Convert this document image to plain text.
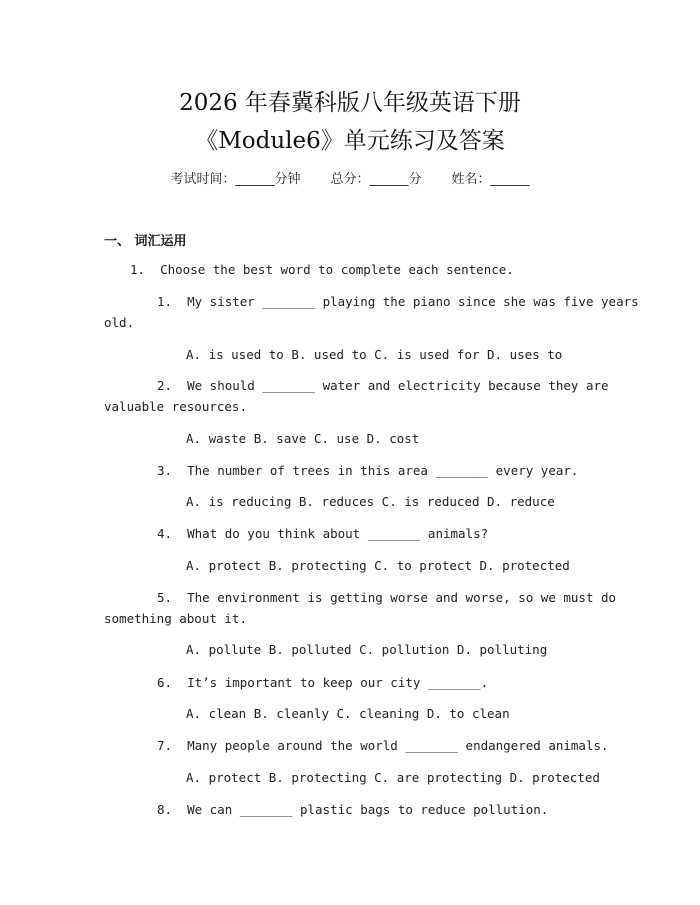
2026 年春冀科版八年级英语下册
《Module6》单元练习及答案
考试时间：______分钟 总分：______分 姓名：______
一、 词汇运用
1.  Choose the best word to complete each sentence.
1.  My sister _______ playing the piano since she was five years
old.
A. is used to B. used to C. is used for D. uses to
2.  We should _______ water and electricity because they are
valuable resources.
A. waste B. save C. use D. cost
3.  The number of trees in this area _______ every year.
A. is reducing B. reduces C. is reduced D. reduce
4.  What do you think about _______ animals?
A. protect B. protecting C. to protect D. protected
5.  The environment is getting worse and worse, so we must do
something about it.
A. pollute B. polluted C. pollution D. polluting
6.  It’s important to keep our city _______.
A. clean B. cleanly C. cleaning D. to clean
7.  Many people around the world _______ endangered animals.
A. protect B. protecting C. are protecting D. protected
8.  We can _______ plastic bags to reduce pollution.
